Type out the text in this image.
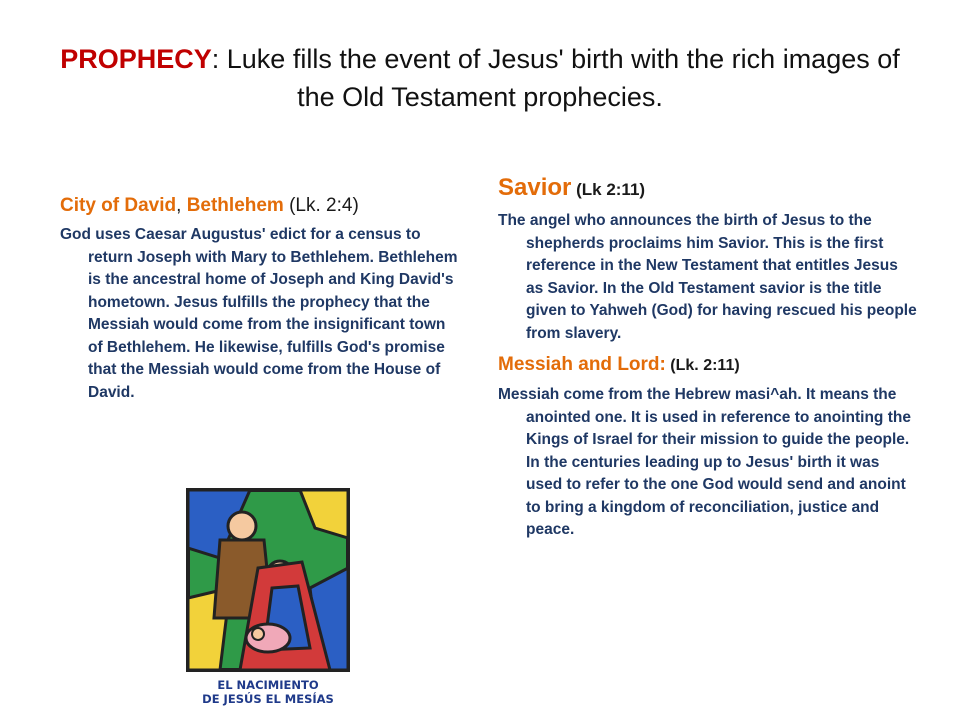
PROPHECY: Luke fills the event of Jesus' birth with the rich images of the Old Testament prophecies.

City of David, Bethlehem (Lk. 2:4)

God uses Caesar Augustus' edict for a census to return Joseph with Mary to Bethlehem. Bethlehem is the ancestral home of Joseph and King David's hometown. Jesus fulfills the prophecy that the Messiah would come from the insignificant town of Bethlehem. He likewise, fulfills God's promise that the Messiah would come from the House of David.

EL NACIMIENTO
DE JESÚS EL MESÍAS

Savior (Lk 2:11)

The angel who announces the birth of Jesus to the shepherds proclaims him Savior. This is the first reference in the New Testament that entitles Jesus as Savior. In the Old Testament savior is the title given to Yahweh (God) for having rescued his people from slavery.

Messiah and Lord: (Lk. 2:11)

Messiah come from the Hebrew masi^ah. It means the anointed one. It is used in reference to anointing the Kings of Israel for their mission to guide the people. In the centuries leading up to Jesus' birth it was used to refer to the one God would send and anoint to bring a kingdom of reconciliation, justice and peace.
